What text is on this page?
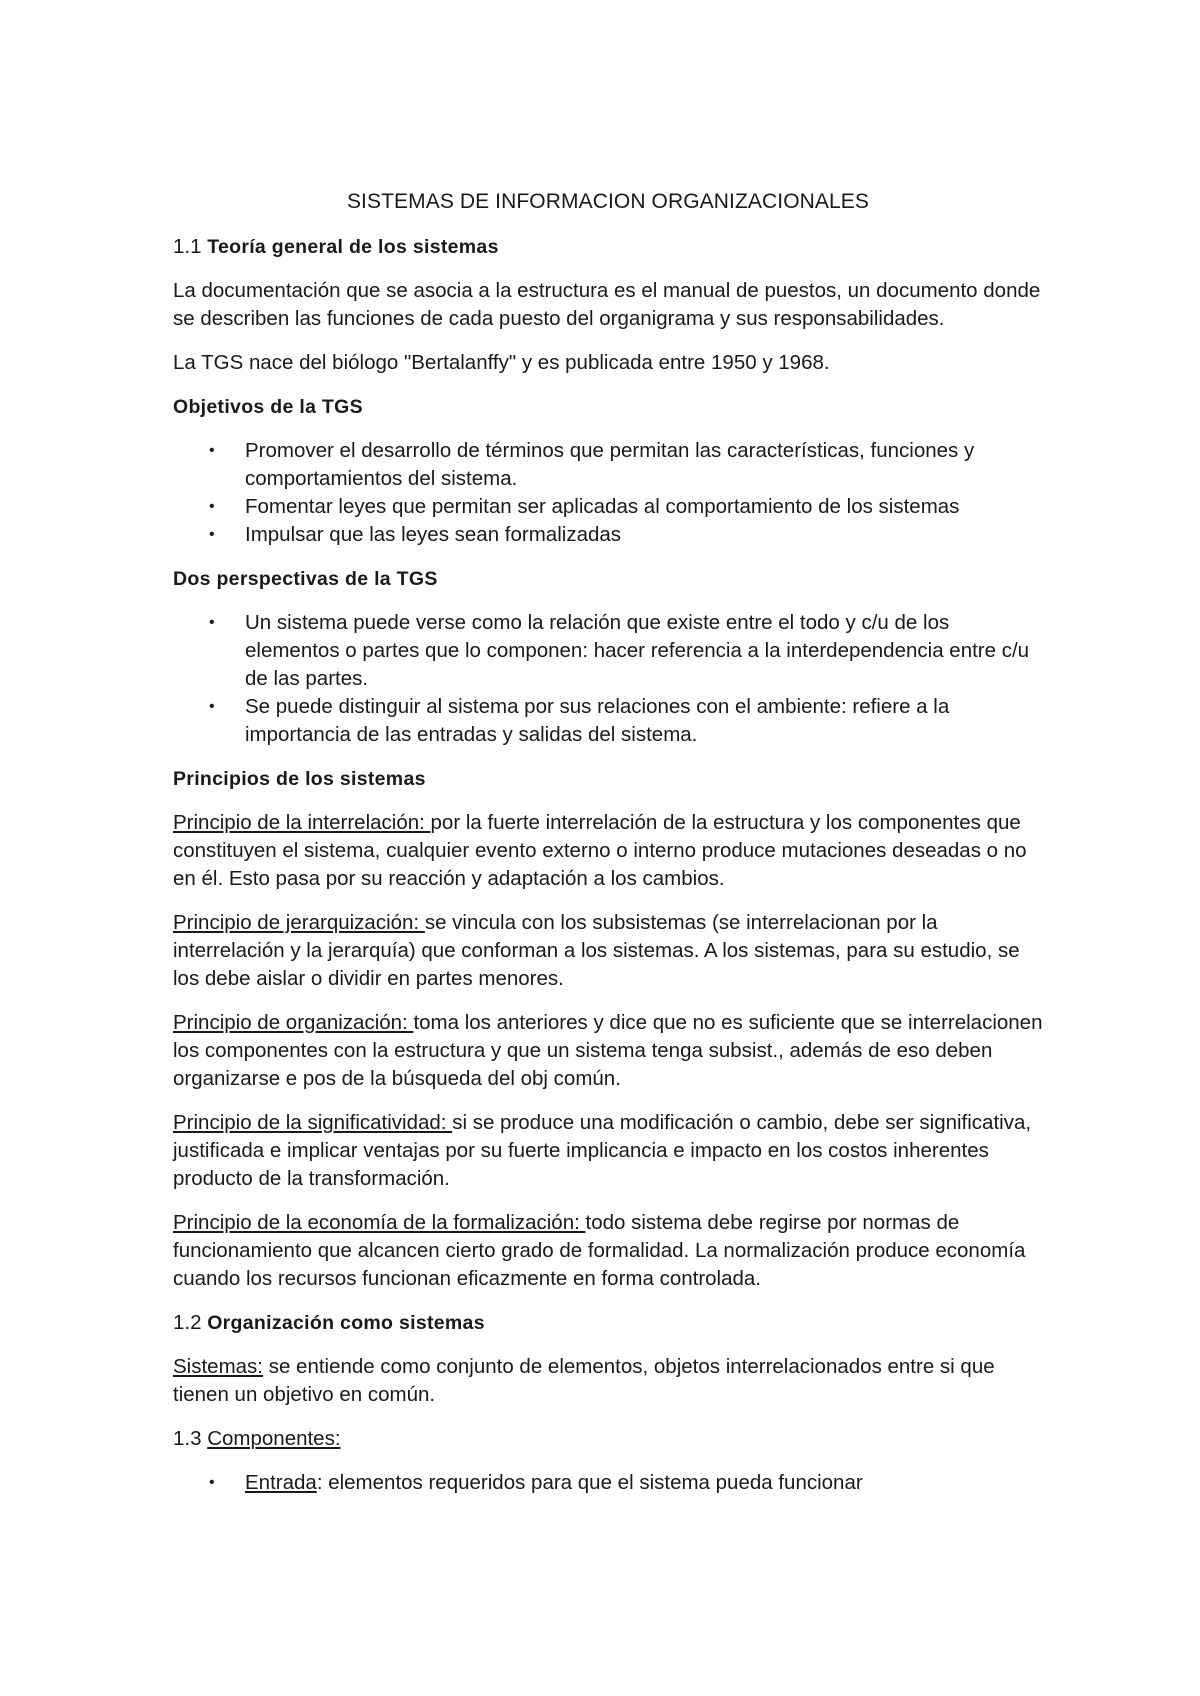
SISTEMAS DE INFORMACION ORGANIZACIONALES
1.1 Teoría general de los sistemas

La documentación que se asocia a la estructura es el manual de puestos, un documento donde se describen las funciones de cada puesto del organigrama y sus responsabilidades.

La TGS nace del biólogo "Bertalanffy" y es publicada entre 1950 y 1968.

Objetivos de la TGS
• Promover el desarrollo de términos que permitan las características, funciones y comportamientos del sistema.
• Fomentar leyes que permitan ser aplicadas al comportamiento de los sistemas
• Impulsar que las leyes sean formalizadas
Dos perspectivas de la TGS
• Un sistema puede verse como la relación que existe entre el todo y c/u de los elementos o partes que lo componen: hacer referencia a la interdependencia entre c/u de las partes.
• Se puede distinguir al sistema por sus relaciones con el ambiente: refiere a la importancia de las entradas y salidas del sistema.
Principios de los sistemas

Principio de la interrelación: por la fuerte interrelación de la estructura y los componentes que constituyen el sistema, cualquier evento externo o interno produce mutaciones deseadas o no en él. Esto pasa por su reacción y adaptación a los cambios.

Principio de jerarquización: se vincula con los subsistemas (se interrelacionan por la interrelación y la jerarquía) que conforman a los sistemas. A los sistemas, para su estudio, se los debe aislar o dividir en partes menores.

Principio de organización: toma los anteriores y dice que no es suficiente que se interrelacionen los componentes con la estructura y que un sistema tenga subsist., además de eso deben organizarse e pos de la búsqueda del obj común.

Principio de la significatividad: si se produce una modificación o cambio, debe ser significativa, justificada e implicar ventajas por su fuerte implicancia e impacto en los costos inherentes producto de la transformación.

Principio de la economía de la formalización: todo sistema debe regirse por normas de funcionamiento que alcancen cierto grado de formalidad. La normalización produce economía cuando los recursos funcionan eficazmente en forma controlada.

1.2 Organización como sistemas

Sistemas: se entiende como conjunto de elementos, objetos interrelacionados entre si que tienen un objetivo en común.

1.3 Componentes:
• Entrada: elementos requeridos para que el sistema pueda funcionar
